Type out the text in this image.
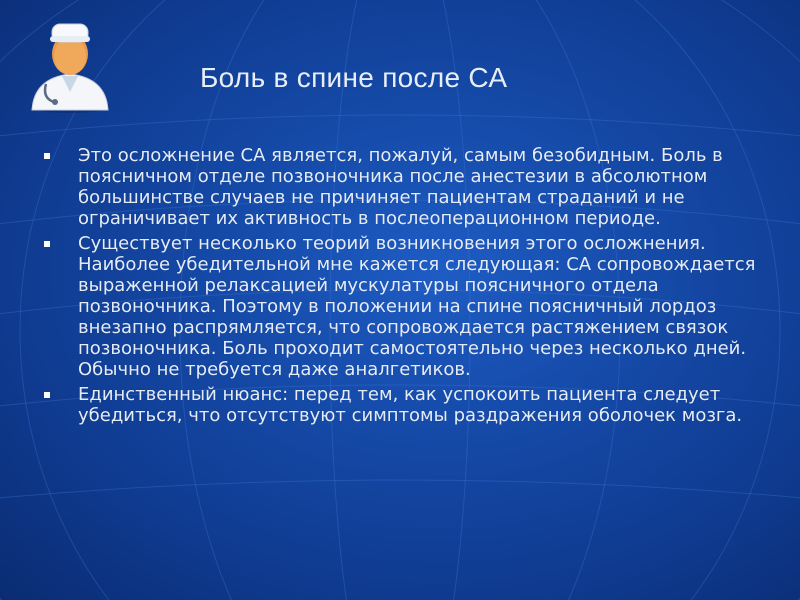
Боль в спине после СА
Это осложнение СА является, пожалуй, самым безобидным. Боль в поясничном отделе позвоночника после анестезии в абсолютном большинстве случаев не причиняет пациентам страданий и не ограничивает их активность в послеоперационном периоде.
Существует несколько теорий возникновения этого осложнения. Наиболее убедительной мне кажется следующая: СА сопровождается выраженной релаксацией мускулатуры поясничного отдела позвоночника. Поэтому в положении на спине поясничный лордоз внезапно распрямляется, что сопровождается растяжением связок позвоночника. Боль проходит самостоятельно через несколько дней. Обычно не требуется даже аналгетиков.
Единственный нюанс: перед тем, как успокоить пациента следует убедиться, что отсутствуют симптомы раздражения оболочек мозга.
